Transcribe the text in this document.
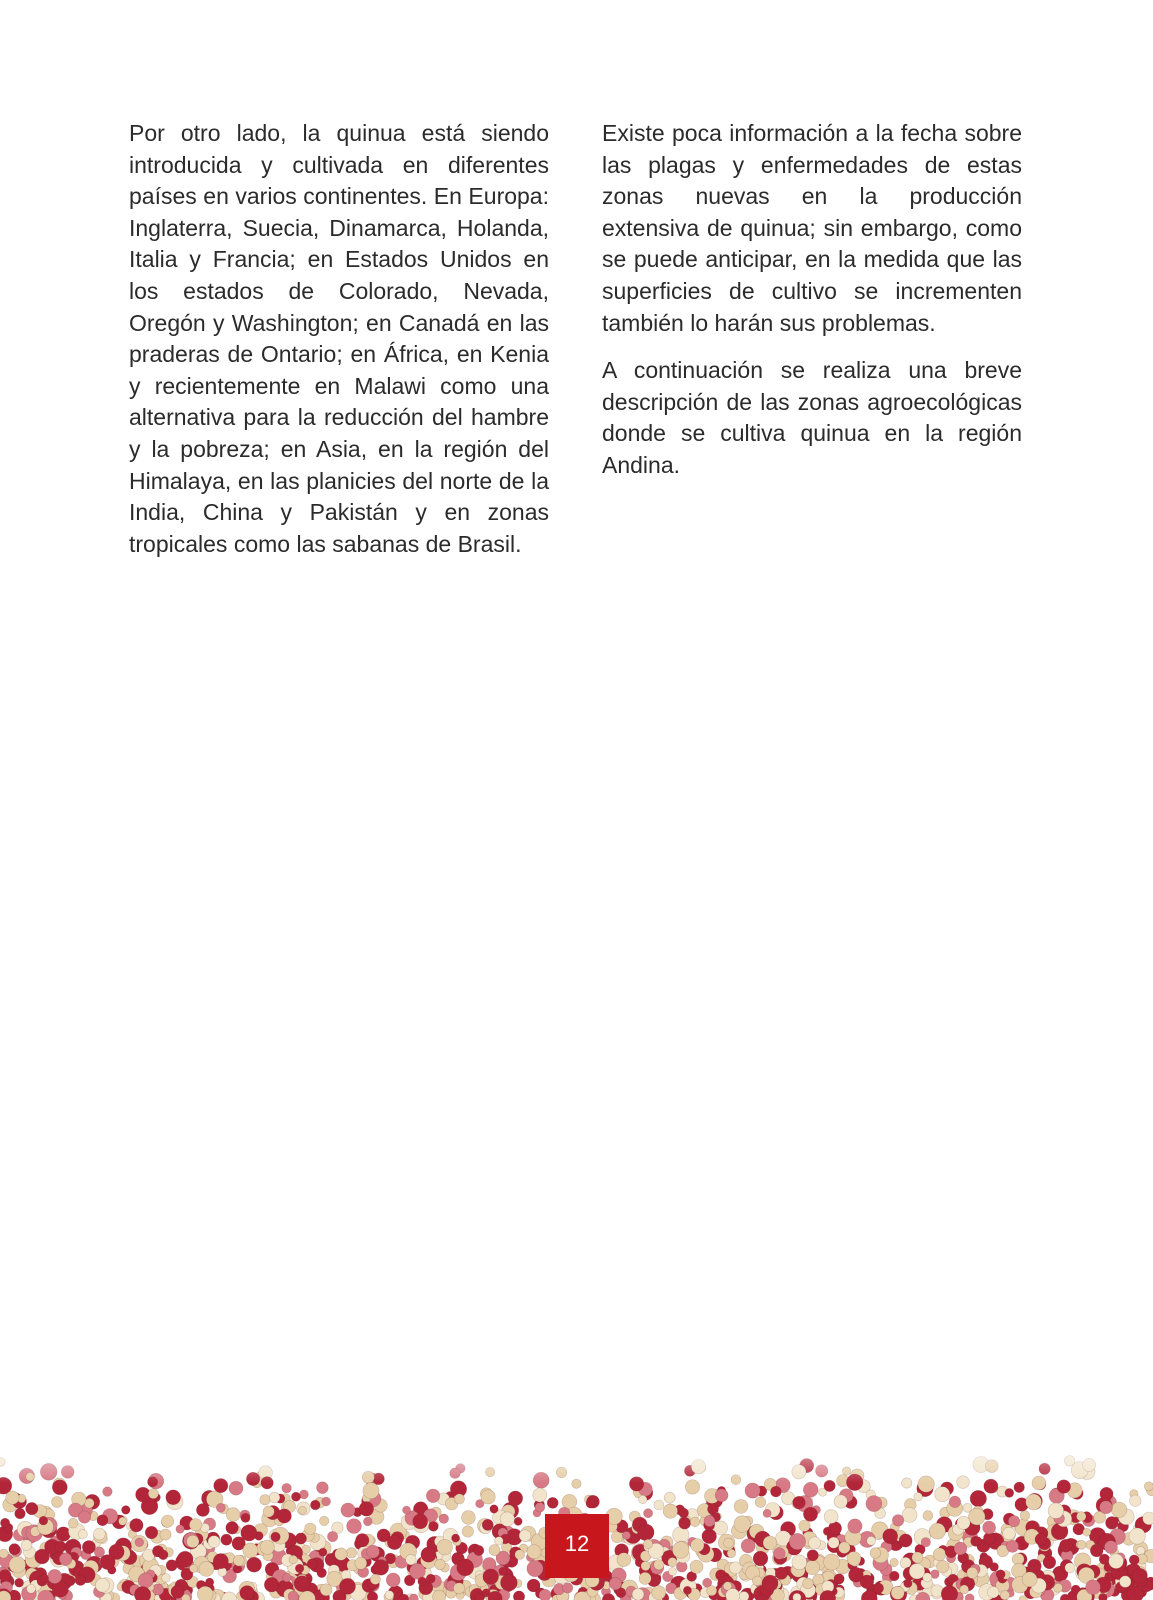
Por otro lado, la quinua está siendo introducida y cultivada en diferentes países en varios continentes. En Europa: Inglaterra, Suecia, Dinamarca, Holanda, Italia y Francia; en Estados Unidos en los estados de Colorado, Nevada, Oregón y Washington; en Canadá en las praderas de Ontario; en África, en Kenia y recientemente en Malawi como una alternativa para la reducción del hambre y la pobreza; en Asia, en la región del Himalaya, en las planicies del norte de la India, China y Pakistán y en zonas tropicales como las sabanas de Brasil.

Existe poca información a la fecha sobre las plagas y enfermedades de estas zonas nuevas en la producción extensiva de quinua; sin embargo, como se puede anticipar, en la medida que las superficies de cultivo se incrementen también lo harán sus problemas.

A continuación se realiza una breve descripción de las zonas agroecológicas donde se cultiva quinua en la región Andina.

12
